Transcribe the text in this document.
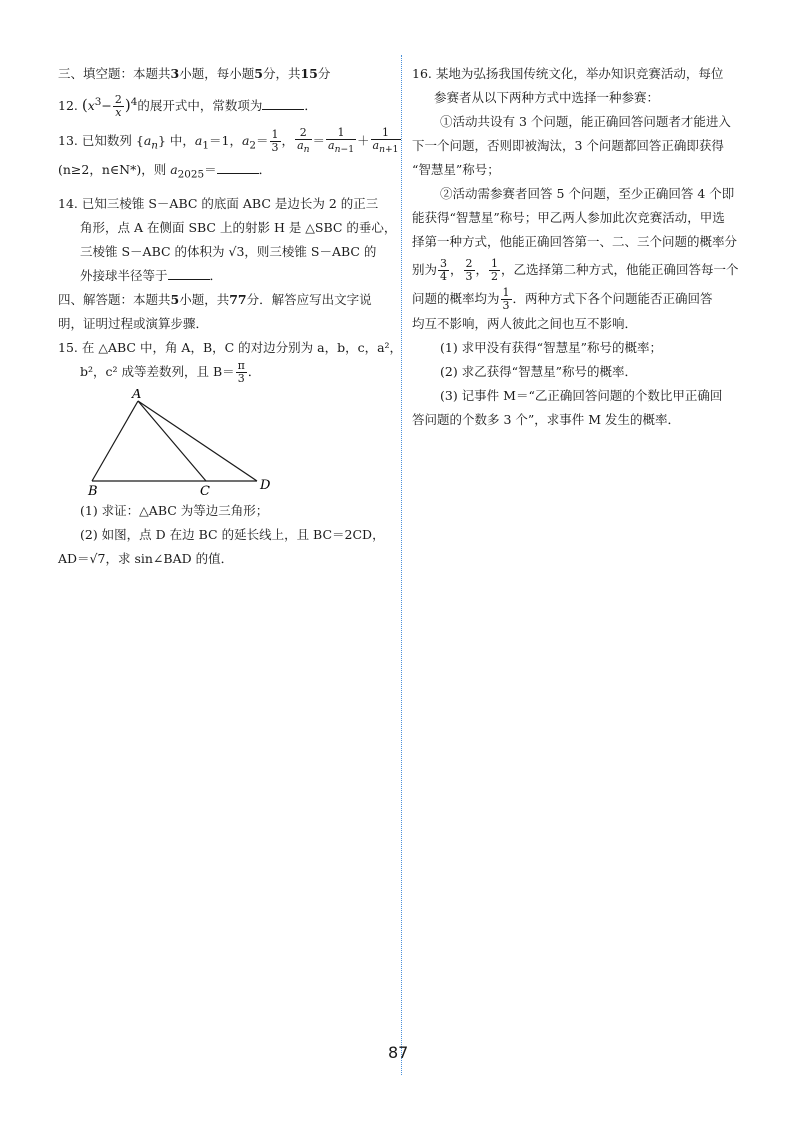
三、填空题：本题共3小题，每小题5分，共15分
12. $(x^3- \frac{2}{x} )^4$的展开式中，常数项为	．
13. 已知数列 $\{a_n\}$ 中，$a_1=1$，$a_2= \frac{1}{3}$ ， $\frac{2}{a_n} = \frac{1}{a_{n-1}} + \frac{1}{a_{n+1}}$
(n≥2，n∈N*)，则 $a_{2025}=$	．
14. 已知三棱锥 S－ABC 的底面 ABC 是边长为 2 的正三
角形，点 A 在侧面 SBC 上的射影 H 是 △SBC 的垂心，
三棱锥 S－ABC 的体积为 √3，则三棱锥 S－ABC 的
外接球半径等于	．
四、解答题：本题共5小题，共77分．解答应写出文字说
明，证明过程或演算步骤．
15. 在 △ABC 中，角 A，B，C 的对边分别为 a，b，c，a²，
b²，c² 成等差数列，且 $B= \frac{\pi}{3}$ ．
A
B	C	D
(1) 求证：△ABC 为等边三角形；
(2) 如图，点 D 在边 BC 的延长线上，且 BC＝2CD，
AD＝√7，求 sin∠BAD 的值．
16. 某地为弘扬我国传统文化，举办知识竞赛活动，每位
参赛者从以下两种方式中选择一种参赛：
①活动共设有 3 个问题，能正确回答问题者才能进入
下一个问题，否则即被淘汰，3 个问题都回答正确即获得
“智慧星”称号；
②活动需参赛者回答 5 个问题，至少正确回答 4 个即
能获得“智慧星”称号；甲乙两人参加此次竞赛活动，甲选
择第一种方式，他能正确回答第一、二、三个问题的概率分
别为 $\frac{3}{4}$ ， $\frac{2}{3}$ ， $\frac{1}{2}$ ，乙选择第二种方式，他能正确回答每一个
问题的概率均为 $\frac{1}{3}$ ．两种方式下各个问题能否正确回答
均互不影响，两人彼此之间也互不影响．
(1) 求甲没有获得“智慧星”称号的概率；
(2) 求乙获得“智慧星”称号的概率．
(3) 记事件 M＝“乙正确回答问题的个数比甲正确回
答问题的个数多 3 个”，求事件 M 发生的概率．
87
